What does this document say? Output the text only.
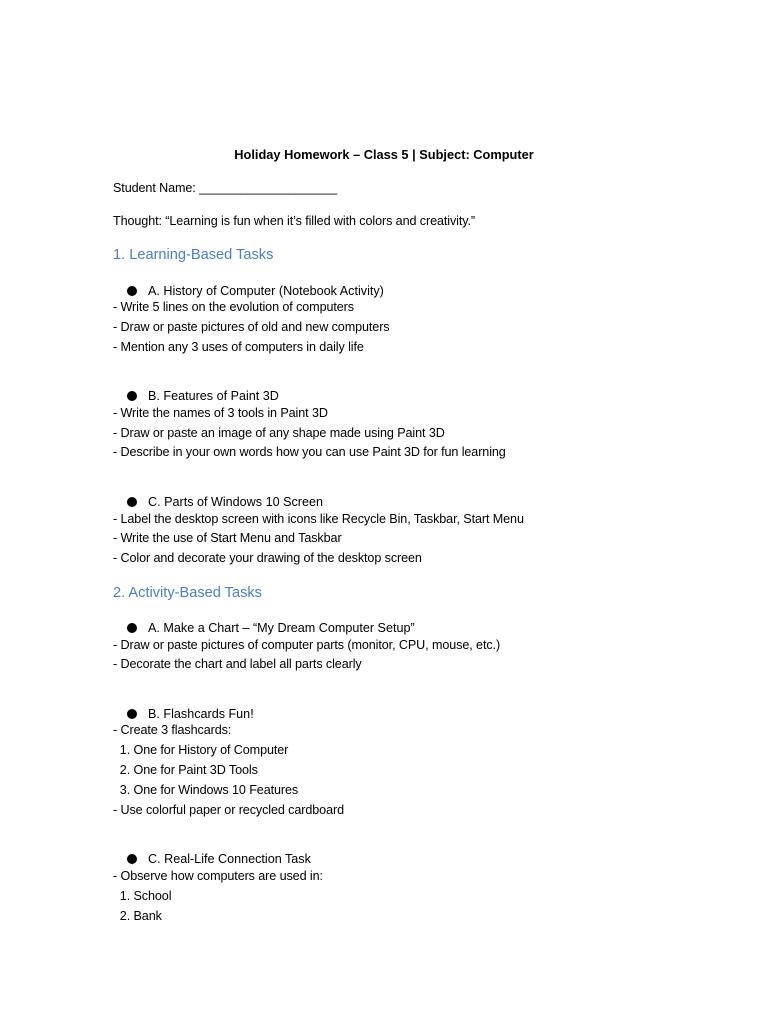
Holiday Homework – Class 5 | Subject: Computer
Student Name: ____________________
Thought: “Learning is fun when it’s filled with colors and creativity.”
1. Learning-Based Tasks

A. History of Computer (Notebook Activity)

- Write 5 lines on the evolution of computers
- Draw or paste pictures of old and new computers
- Mention any 3 uses of computers in daily life

B. Features of Paint 3D

- Write the names of 3 tools in Paint 3D
- Draw or paste an image of any shape made using Paint 3D
- Describe in your own words how you can use Paint 3D for fun learning

C. Parts of Windows 10 Screen

- Label the desktop screen with icons like Recycle Bin, Taskbar, Start Menu
- Write the use of Start Menu and Taskbar
- Color and decorate your drawing of the desktop screen
2. Activity-Based Tasks

A. Make a Chart – “My Dream Computer Setup”

- Draw or paste pictures of computer parts (monitor, CPU, mouse, etc.)
- Decorate the chart and label all parts clearly

B. Flashcards Fun!

- Create 3 flashcards:
1. One for History of Computer
2. One for Paint 3D Tools
3. One for Windows 10 Features
- Use colorful paper or recycled cardboard

C. Real-Life Connection Task

- Observe how computers are used in:
1. School
2. Bank
